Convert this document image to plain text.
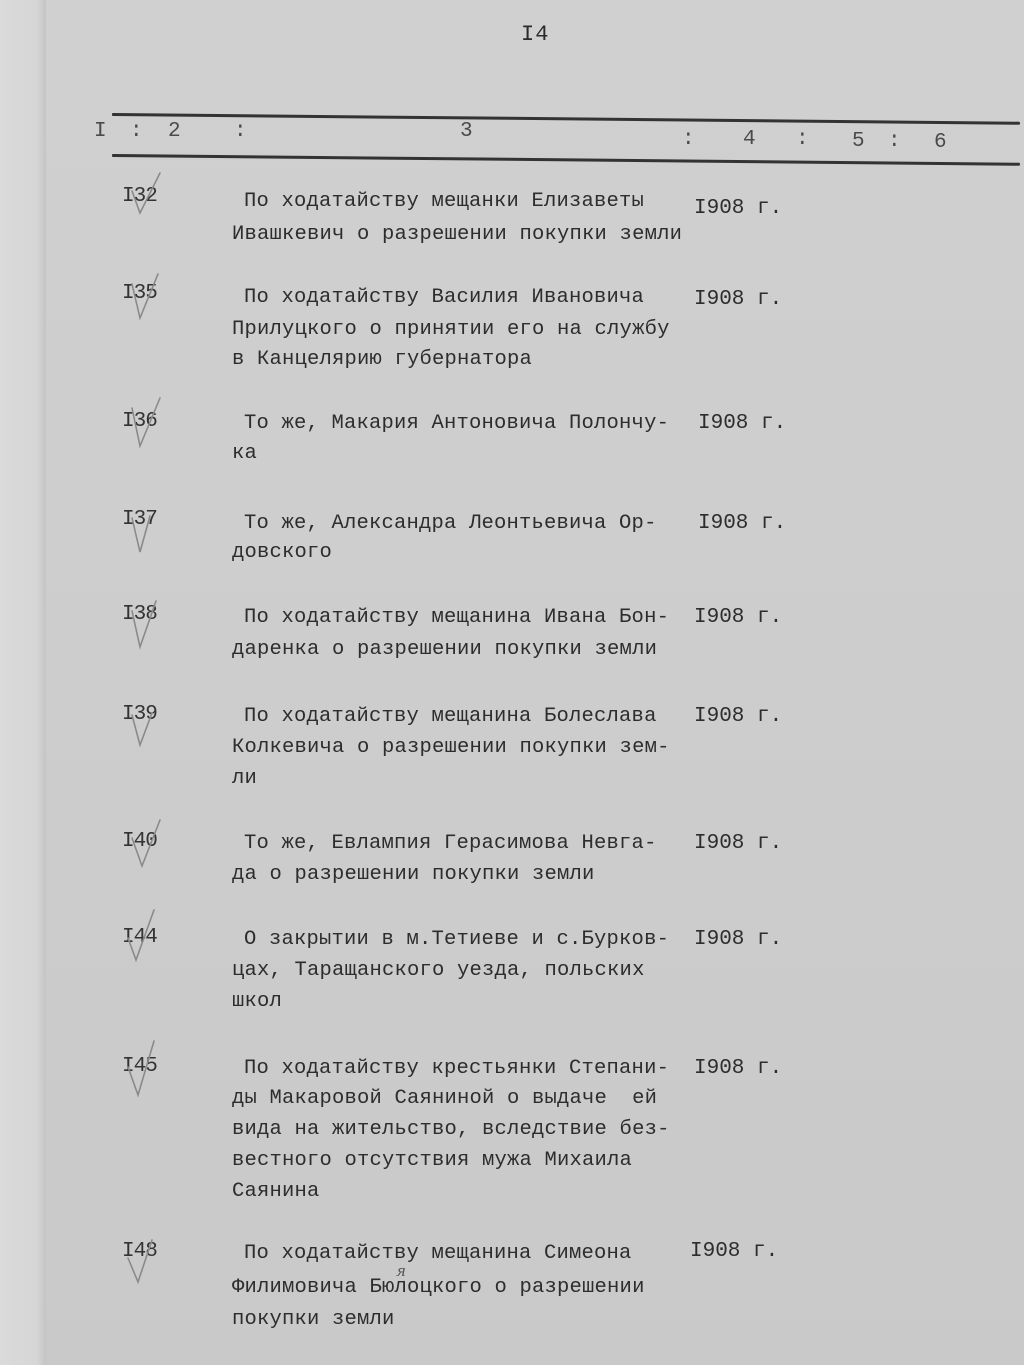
I4
I : 2	:	3	: 4 : 5 : 6
I32	По ходатайству мещанки Елизаветы I908 г.
Ивашкевич о разрешении покупки земли
I35	По ходатайству Василия Ивановича I908 г.
Прилуцкого о принятии его на службу
в Канцелярию губернатора
I36	То же, Макария Антоновича Полончу- I908 г.
ка
I37	То же, Александра Леонтьевича Ор- I908 г.
довского
I38	По ходатайству мещанина Ивана Бон- I908 г.
даренка о разрешении покупки земли
I39	По ходатайству мещанина Болеслава I908 г.
Колкевича о разрешении покупки зем-
ли
I40	То же, Евлампия Герасимова Невга- I908 г.
да о разрешении покупки земли
I44	О закрытии в м.Тетиеве и с.Бурков- I908 г.
цах, Таращанского уезда, польских
школ
I45	По ходатайству крестьянки Степани- I908 г.
ды Макаровой Саяниной о выдаче  ей
вида на жительство, вследствие без-
вестного отсутствия мужа Михаила
Саянина
I48	По ходатайству мещанина Симеона	I908 г.
я
Филимовича Бюлоцкого о разрешении
покупки земли
